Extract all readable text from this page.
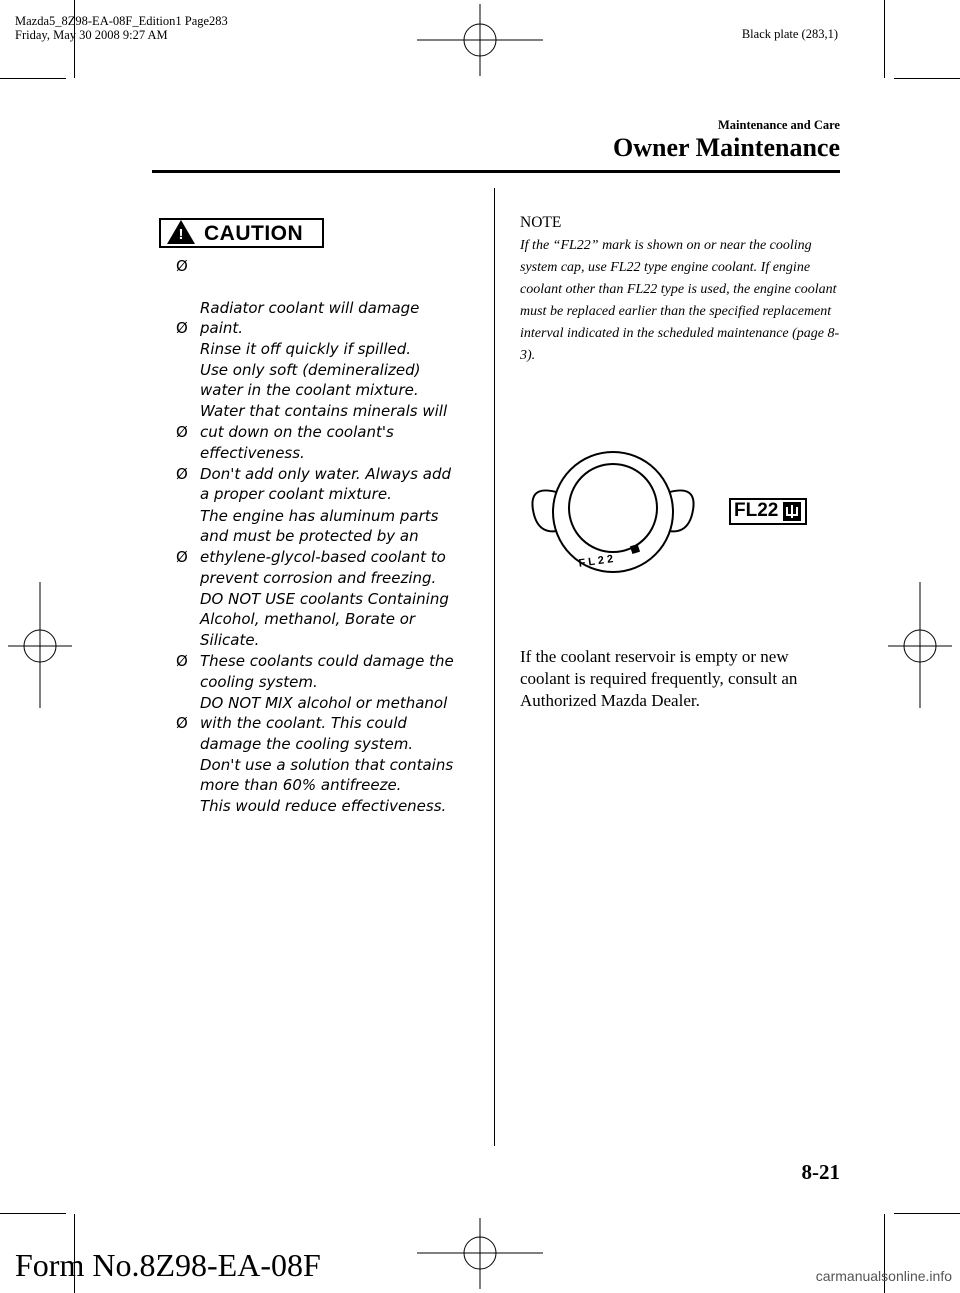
Mazda5_8Z98-EA-08F_Edition1 Page283
Friday, May 30 2008 9:27 AM	Black plate (283,1)
Maintenance and Care
Owner Maintenance
! CAUTION

Ø

Radiator coolant will damage
paint.
Rinse it off quickly if spilled.

Ø

Use only soft (demineralized)
water in the coolant mixture.
Water that contains minerals will
cut down on the coolant's
effectiveness.

Ø

Don't add only water. Always add
a proper coolant mixture.

Ø

The engine has aluminum parts
and must be protected by an
ethylene-glycol-based coolant to
prevent corrosion and freezing.

Ø

DO NOT USE coolants Containing
Alcohol, methanol, Borate or
Silicate.
These coolants could damage the
cooling system.

Ø

DO NOT MIX alcohol or methanol
with the coolant. This could
damage the cooling system.

Ø

Don't use a solution that contains
more than 60% antifreeze.
This would reduce effectiveness.

NOTE
If the “FL22” mark is shown on or near the cooling system cap, use FL22 type engine coolant. If engine coolant other than FL22 type is used, the engine coolant must be replaced earlier than the specified replacement interval indicated in the scheduled maintenance (page 8-3).
FL22
FL22
If the coolant reservoir is empty or new coolant is required frequently, consult an Authorized Mazda Dealer.
8-21
Form No.8Z98-EA-08F	carmanualsonline.info
